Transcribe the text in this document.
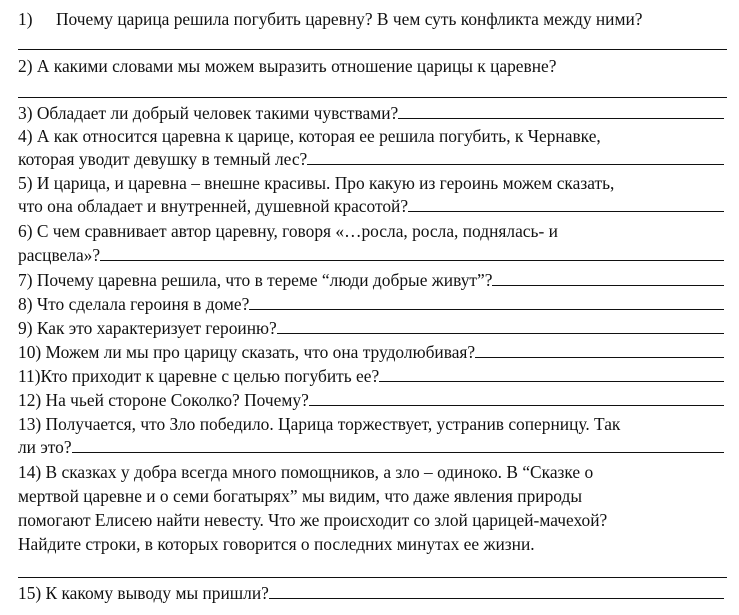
1) Почему царица решила погубить царевну? В чем суть конфликта между ними?
2) А какими словами мы можем выразить отношение царицы к царевне?
3) Обладает ли добрый человек такими чувствами?
4) А как относится царевна к царице, которая ее решила погубить, к Чернавке,
которая уводит девушку в темный лес?
5) И царица, и царевна – внешне красивы. Про какую из героинь можем сказать,
что она обладает и внутренней, душевной красотой?
6) С чем сравнивает автор царевну, говоря «…росла, росла, поднялась- и
расцвела»?
7) Почему царевна решила, что в тереме “люди добрые живут”?
8) Что сделала героиня в доме?
9) Как это характеризует героиню?
10) Можем ли мы про царицу сказать, что она трудолюбивая?
11)Кто приходит к царевне с целью погубить ее?
12) На чьей стороне Соколко? Почему?
13) Получается, что Зло победило. Царица торжествует, устранив соперницу. Так
ли это?
14) В сказках у добра всегда много помощников, а зло – одиноко. В “Сказке о
мертвой царевне и о семи богатырях” мы видим, что даже явления природы
помогают Елисею найти невесту. Что же происходит со злой царицей-мачехой?
Найдите строки, в которых говорится о последних минутах ее жизни.
15) К какому выводу мы пришли?
